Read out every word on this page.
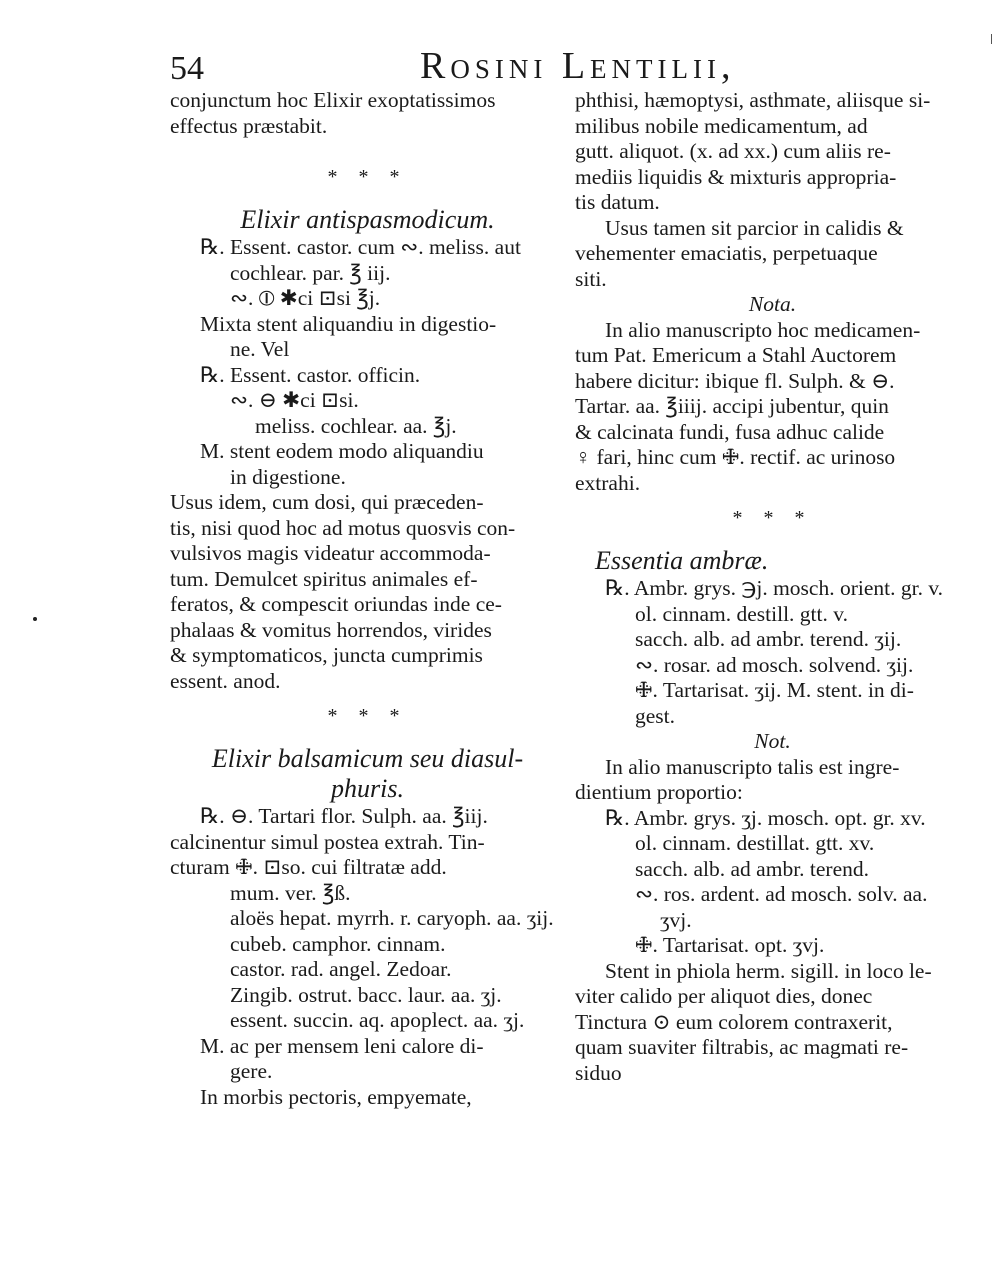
54	Rosini Lentilii,
conjunctum hoc Elixir exoptatissimos
effectus præstabit.
* * *
Elixir antispasmodicum.
℞. Essent. castor. cum ∾. meliss. aut
cochlear. par. ℥ iij.
∾. ⦶ ✱ci ⊡si ℥j.
Mixta stent aliquandiu in digestio-
ne. Vel
℞. Essent. castor. officin.
∾. ⊖ ✱ci ⊡si.
meliss. cochlear. aa. ℥j.
M. stent eodem modo aliquandiu
in digestione.
Usus idem, cum dosi, qui præceden-
tis, nisi quod hoc ad motus quosvis con-
vulsivos magis videatur accommoda-
tum. Demulcet spiritus animales ef-
feratos, & compescit oriundas inde ce-
phalaas & vomitus horrendos, virides
& symptomaticos, juncta cumprimis
essent. anod.
* * *
Elixir balsamicum seu diasul-
phuris.
℞. ⊖. Tartari flor. Sulph. aa. ℥iij.
calcinentur simul postea extrah. Tin-
cturam 🜋. ⊡so. cui filtratæ add.
mum. ver. ℥ß.
aloës hepat. myrrh. r. caryoph. aa. ʒij.
cubeb. camphor. cinnam.
castor. rad. angel. Zedoar.
Zingib. ostrut. bacc. laur. aa. ʒj.
essent. succin. aq. apoplect. aa. ʒj.
M. ac per mensem leni calore di-
gere.
In morbis pectoris, empyemate,
phthisi, hæmoptysi, asthmate, aliisque si-
milibus nobile medicamentum, ad
gutt. aliquot. (x. ad xx.) cum aliis re-
mediis liquidis & mixturis appropria-
tis datum.
Usus tamen sit parcior in calidis &
vehementer emaciatis, perpetuaque
siti.
Nota.
In alio manuscripto hoc medicamen-
tum Pat. Emericum a Stahl Auctorem
habere dicitur: ibique fl. Sulph. & ⊖.
Tartar. aa. ℥iiij. accipi jubentur, quin
& calcinata fundi, fusa adhuc calide
♀ fari, hinc cum 🜋. rectif. ac urinoso
extrahi.
* * *
Essentia ambræ.
℞. Ambr. grys. ℈j. mosch. orient. gr. v.
ol. cinnam. destill. gtt. v.
sacch. alb. ad ambr. terend. ʒij.
∾. rosar. ad mosch. solvend. ʒij.
🜋. Tartarisat. ʒij. M. stent. in di-
gest.
Not.
In alio manuscripto talis est ingre-
dientium proportio:
℞. Ambr. grys. ʒj. mosch. opt. gr. xv.
ol. cinnam. destillat. gtt. xv.
sacch. alb. ad ambr. terend.
∾. ros. ardent. ad mosch. solv. aa.
ʒvj.
🜋. Tartarisat. opt. ʒvj.
Stent in phiola herm. sigill. in loco le-
viter calido per aliquot dies, donec
Tinctura ⊙ eum colorem contraxerit,
quam suaviter filtrabis, ac magmati re-
siduo
